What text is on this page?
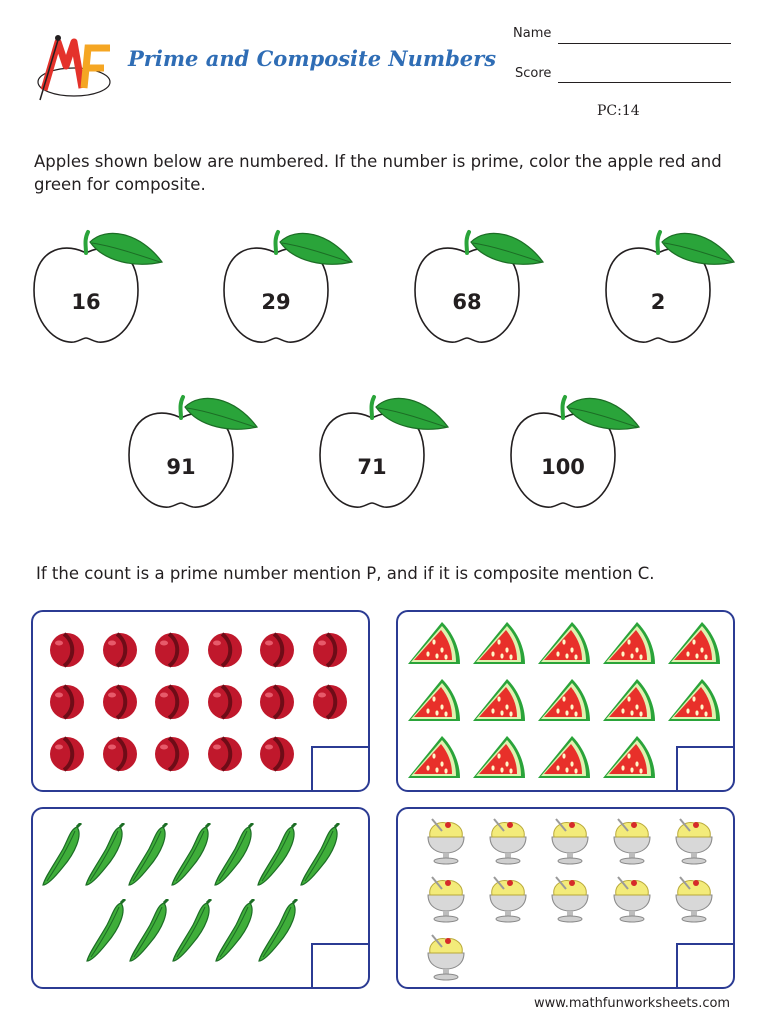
Prime and Composite Numbers
Name
Score
PC:14
Apples shown below are numbered. If the number is prime, color the apple red and green for composite.
16	29	68	2
91	71	100
If the count is a prime number mention P, and if it is composite mention C.
www.mathfunworksheets.com
